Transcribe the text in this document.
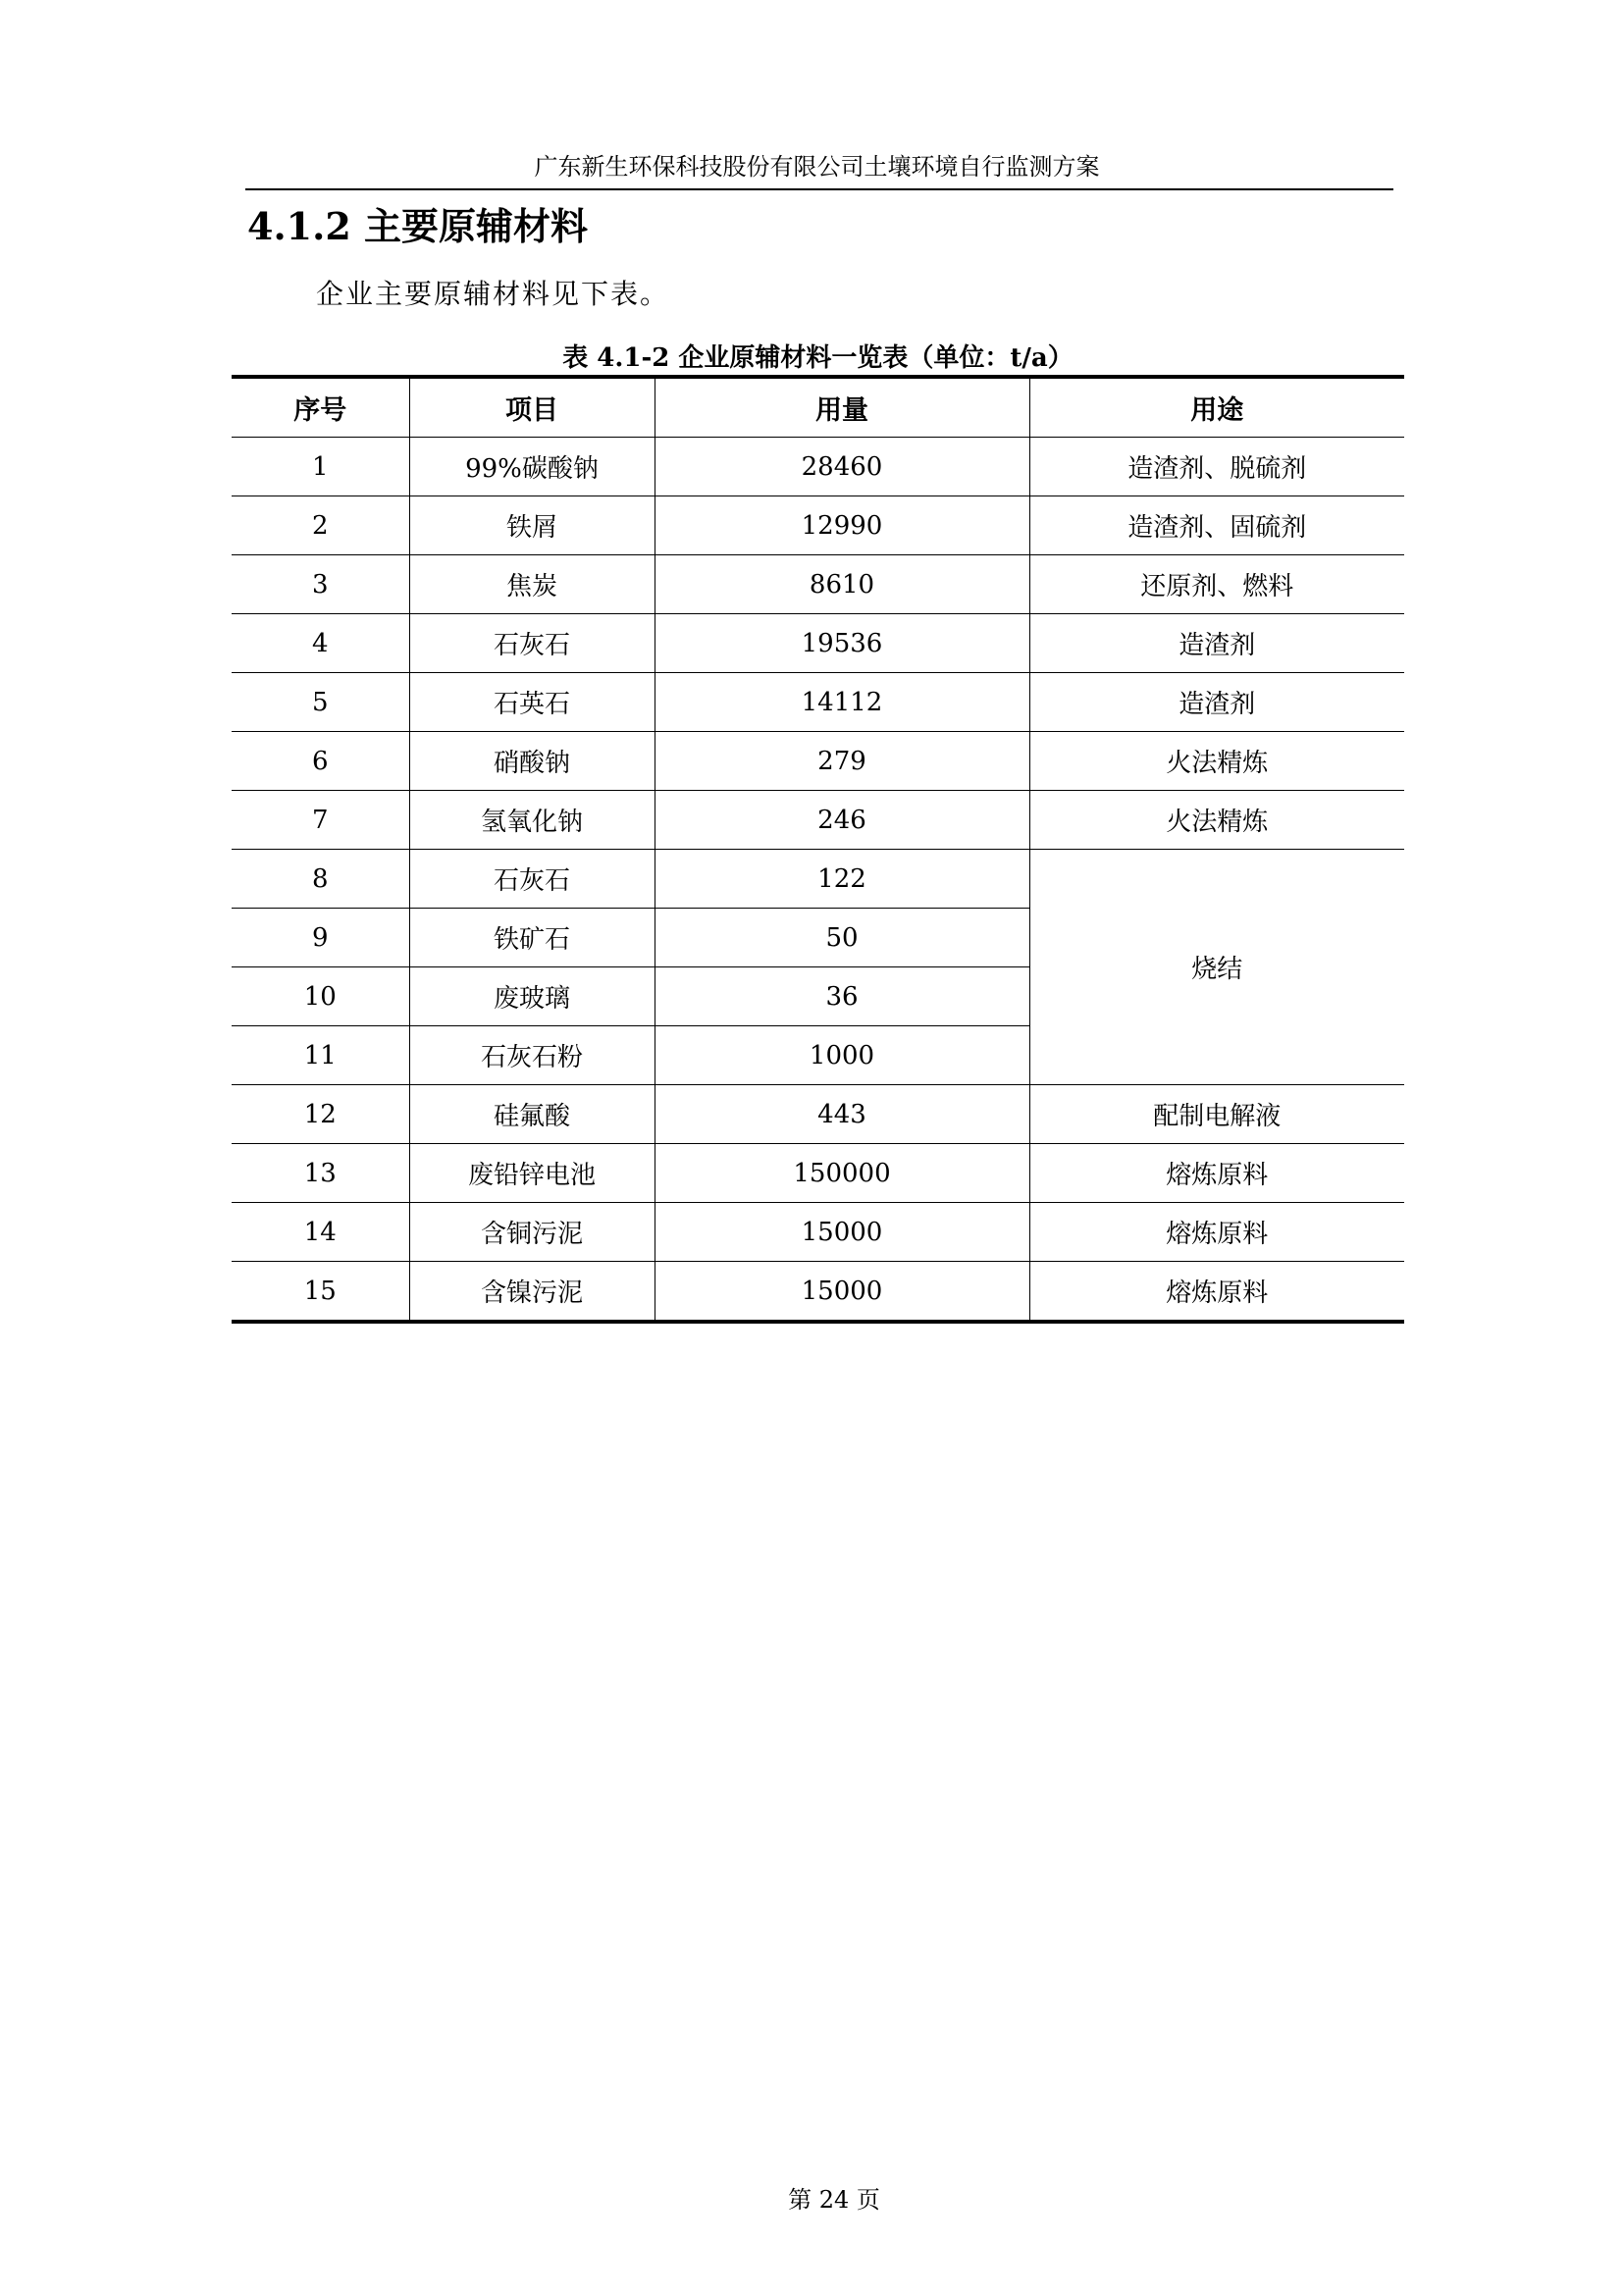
广东新生环保科技股份有限公司土壤环境自行监测方案
4.1.2 主要原辅材料
企业主要原辅材料见下表。
表 4.1-2 企业原辅材料一览表（单位：t/a）
序号	项目	用量	用途
1	99%碳酸钠	28460	造渣剂、脱硫剂
2	铁屑	12990	造渣剂、固硫剂
3	焦炭	8610	还原剂、燃料
4	石灰石	19536	造渣剂
5	石英石	14112	造渣剂
6	硝酸钠	279	火法精炼
7	氢氧化钠	246	火法精炼
8	石灰石	122	烧结
9	铁矿石	50	
10	废玻璃	36	
11	石灰石粉	1000	
12	硅氟酸	443	配制电解液
13	废铅锌电池	150000	熔炼原料
14	含铜污泥	15000	熔炼原料
15	含镍污泥	15000	熔炼原料
第 24 页
